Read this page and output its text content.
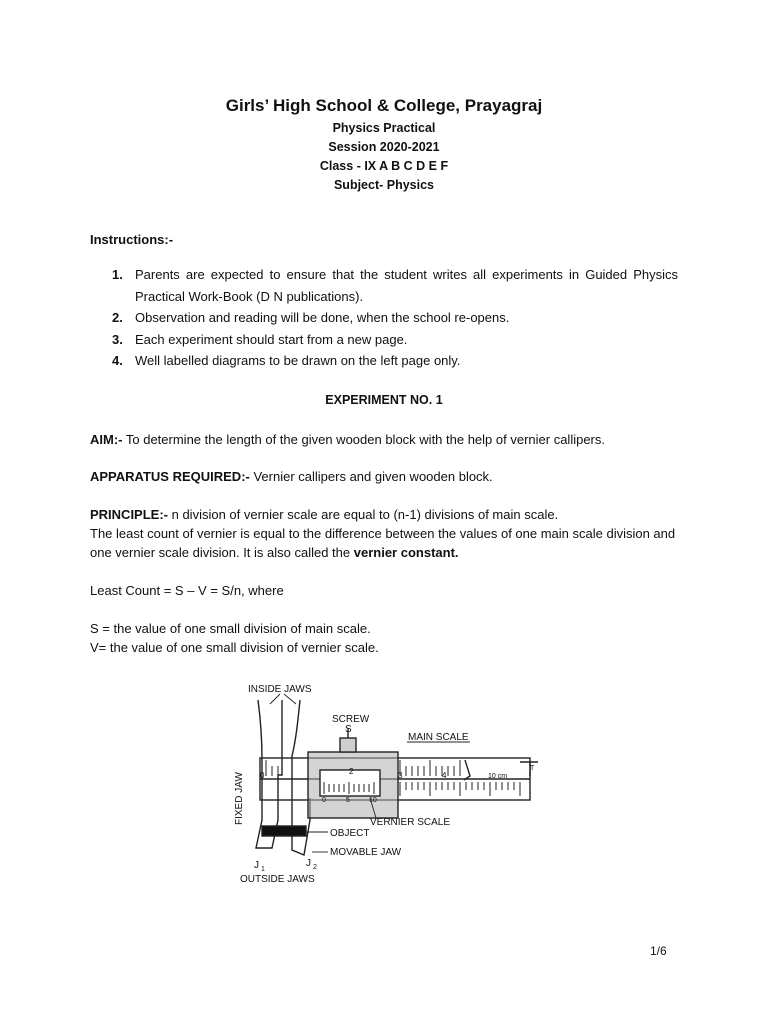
Girls’ High School & College, Prayagraj
Physics Practical
Session 2020-2021
Class - IX A B C D E F
Subject- Physics
Instructions:-
1. Parents are expected to ensure that the student writes all experiments in Guided Physics Practical Work-Book (D N publications).
2. Observation and reading will be done, when the school re-opens.
3. Each experiment should start from a new page.
4. Well labelled diagrams to be drawn on the left page only.
EXPERIMENT NO. 1
AIM:- To determine the length of the given wooden block with the help of vernier callipers.
APPARATUS REQUIRED:- Vernier callipers and given wooden block.
PRINCIPLE:- n division of vernier scale are equal to (n-1) divisions of main scale.
The least count of vernier is equal to the difference between the values of one main scale division and one vernier scale division. It is also called the vernier constant.
Least Count = S – V = S/n, where
S = the value of one small division of main scale.
V= the value of one small division of vernier scale.
INSIDE JAWS
SCREW
S
MAIN SCALE
FIXED JAW	VERNIER SCALE
OBJECT
MOVABLE JAW
OUTSIDE JAWS
J 1
J 2
0	2	3	4	10 cm
T
0	5	10
1/6
